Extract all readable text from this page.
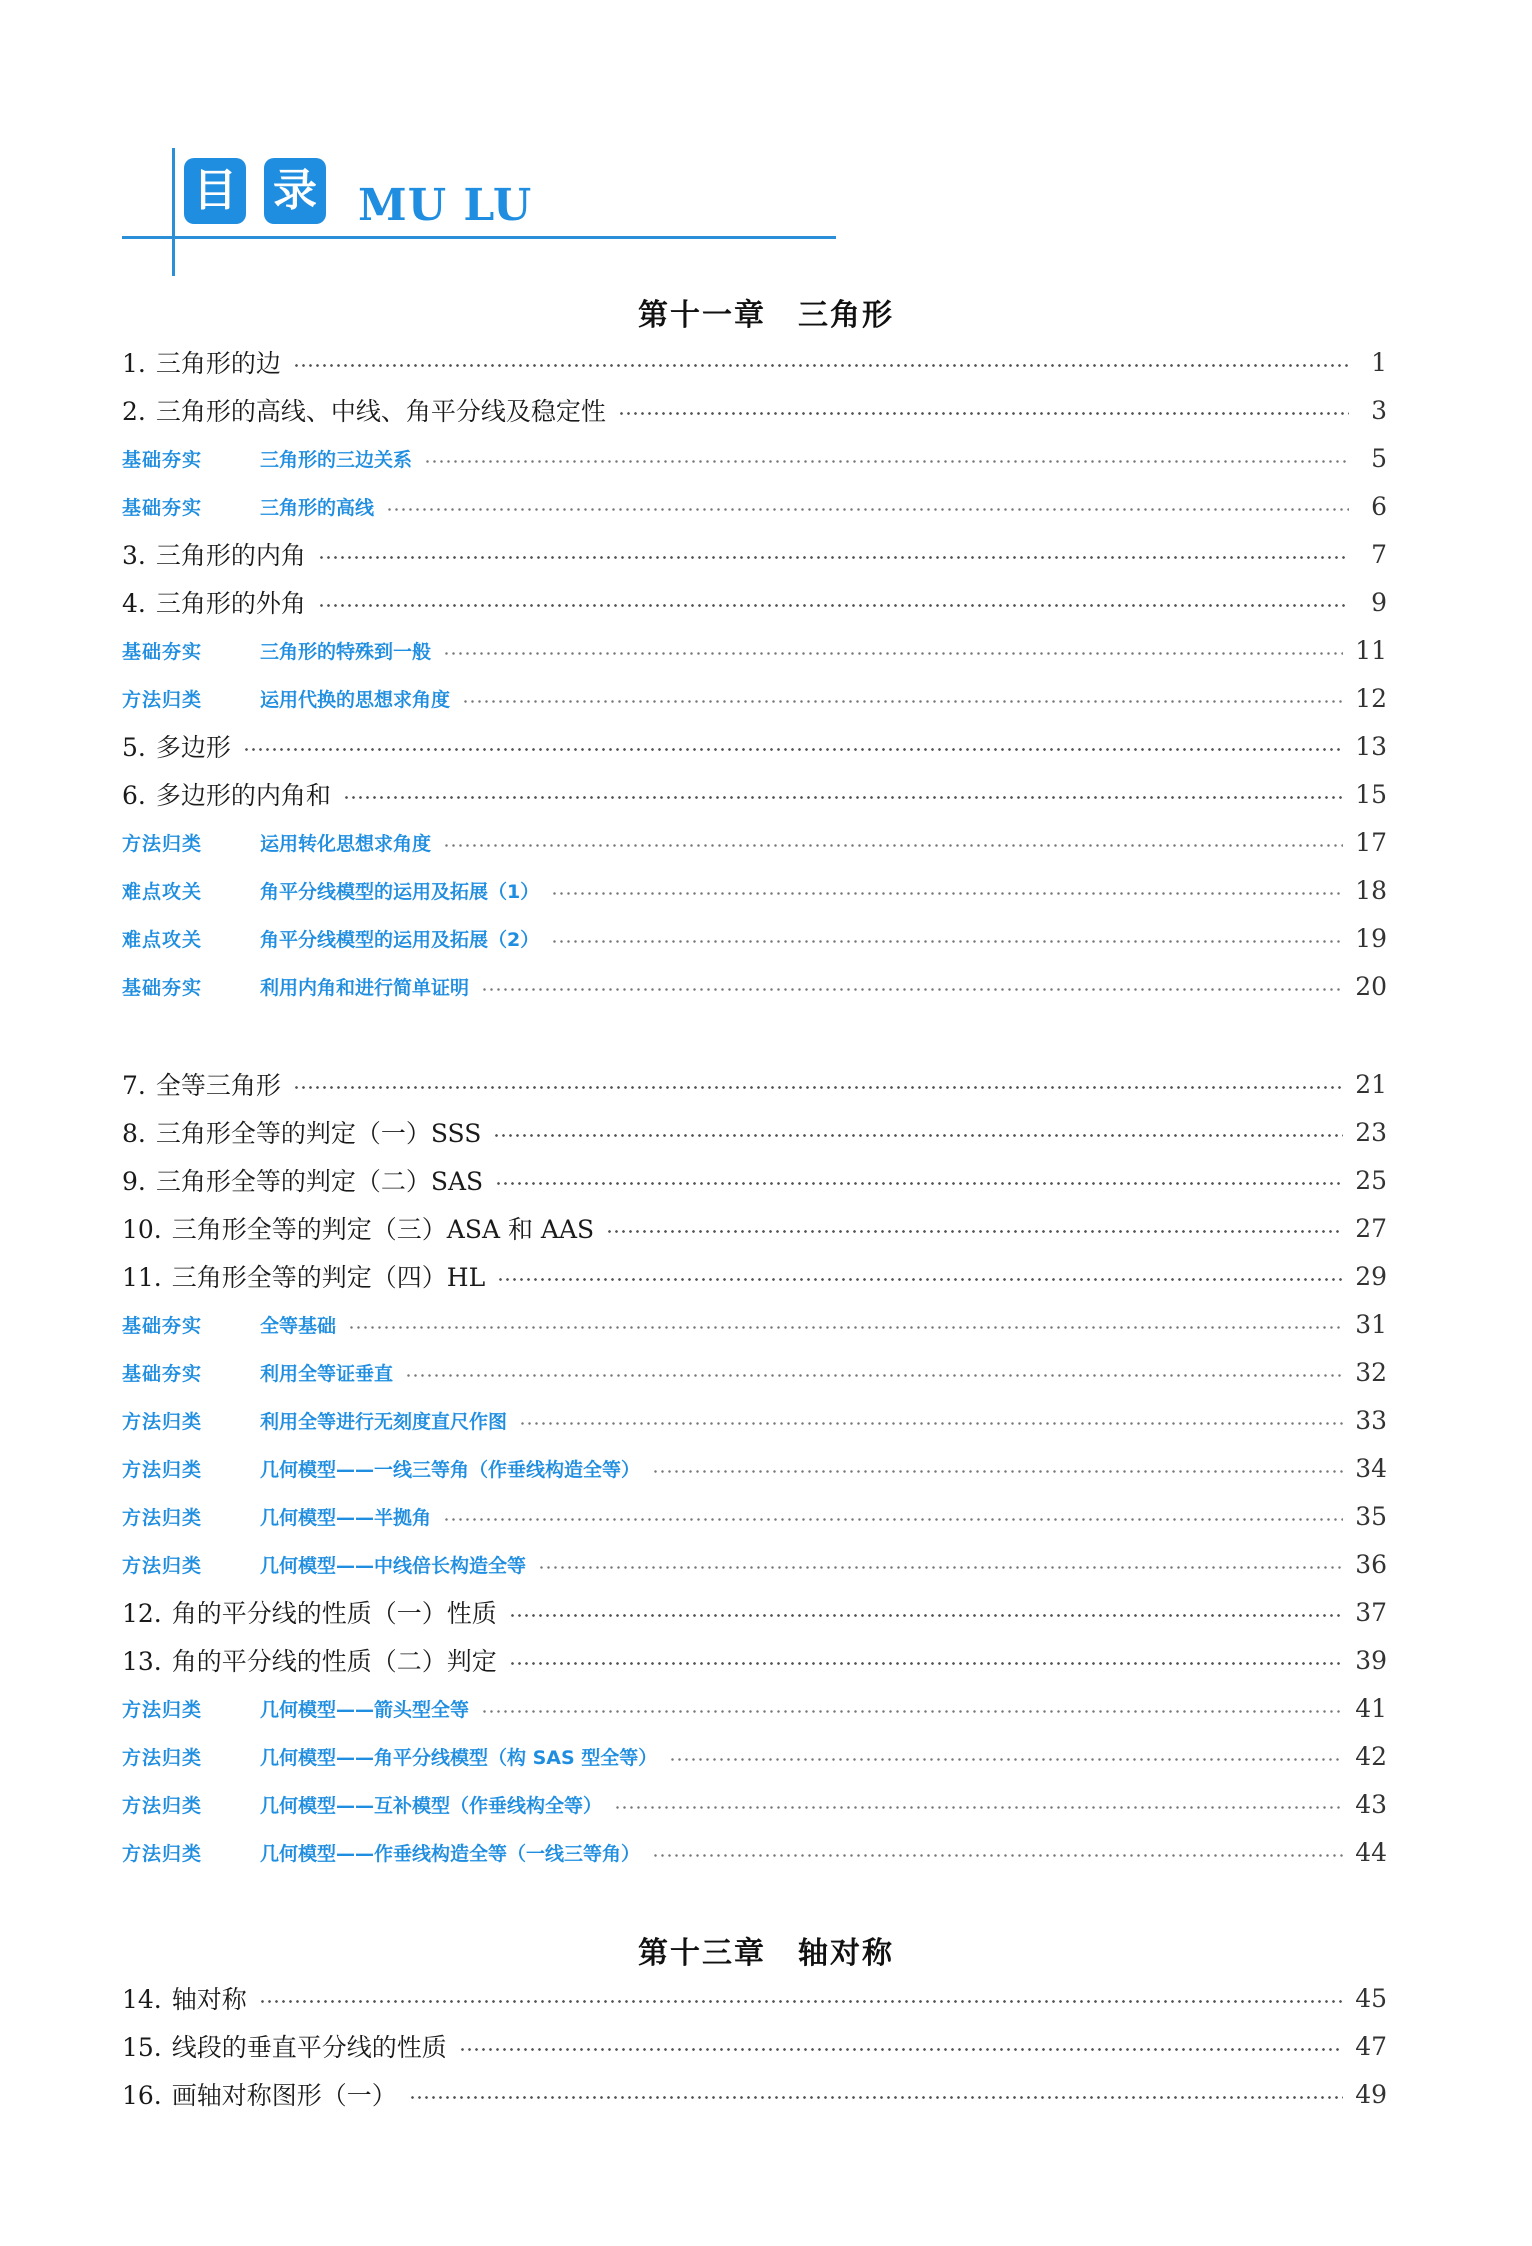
目 录 MU LU
第十一章　三角形
第十三章　轴对称
1. 三角形的边	1
2. 三角形的高线、中线、角平分线及稳定性	3
基础夯实	三角形的三边关系	5
基础夯实	三角形的高线	6
3. 三角形的内角	7
4. 三角形的外角	9
基础夯实	三角形的特殊到一般	11
方法归类	运用代换的思想求角度	12
5. 多边形	13
6. 多边形的内角和	15
方法归类	运用转化思想求角度	17
难点攻关	角平分线模型的运用及拓展（1）	18
难点攻关	角平分线模型的运用及拓展（2）	19
基础夯实	利用内角和进行简单证明	20
7. 全等三角形	21
8. 三角形全等的判定（一）SSS	23
9. 三角形全等的判定（二）SAS	25
10. 三角形全等的判定（三）ASA 和 AAS	27
11. 三角形全等的判定（四）HL	29
基础夯实	全等基础	31
基础夯实	利用全等证垂直	32
方法归类	利用全等进行无刻度直尺作图	33
方法归类	几何模型——一线三等角（作垂线构造全等）	34
方法归类	几何模型——半拠角	35
方法归类	几何模型——中线倍长构造全等	36
12. 角的平分线的性质（一）性质	37
13. 角的平分线的性质（二）判定	39
方法归类	几何模型——箭头型全等	41
方法归类	几何模型——角平分线模型（构 SAS 型全等）	42
方法归类	几何模型——互补模型（作垂线构全等）	43
方法归类	几何模型——作垂线构造全等（一线三等角）	44
14. 轴对称	45
15. 线段的垂直平分线的性质	47
16. 画轴对称图形（一）	49
